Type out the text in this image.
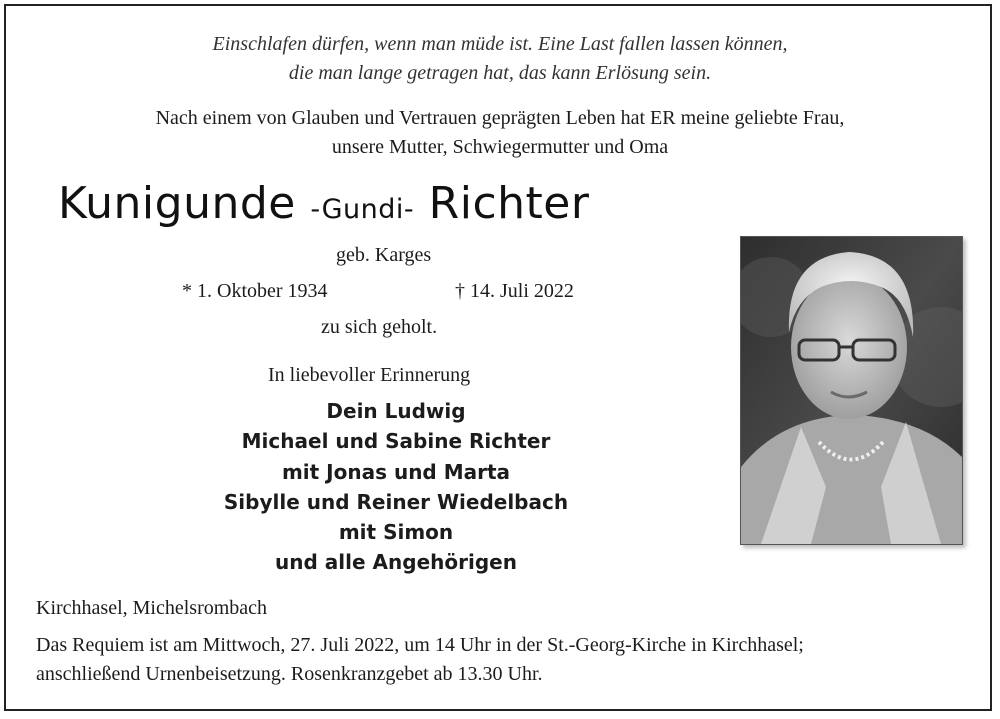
Einschlafen dürfen, wenn man müde ist. Eine Last fallen lassen können,
die man lange getragen hat, das kann Erlösung sein.
Nach einem von Glauben und Vertrauen geprägten Leben hat ER meine geliebte Frau,
unsere Mutter, Schwiegermutter und Oma
Kunigunde -Gundi- Richter
geb. Karges
* 1. Oktober 1934	† 14. Juli 2022
zu sich geholt.
In liebevoller Erinnerung
Dein Ludwig
Michael und Sabine Richter
mit Jonas und Marta
Sibylle und Reiner Wiedelbach
mit Simon
und alle Angehörigen
Kirchhasel, Michelsrombach
Das Requiem ist am Mittwoch, 27. Juli 2022, um 14 Uhr in der St.-Georg-Kirche in Kirchhasel;
anschließend Urnenbeisetzung. Rosenkranzgebet ab 13.30 Uhr.
